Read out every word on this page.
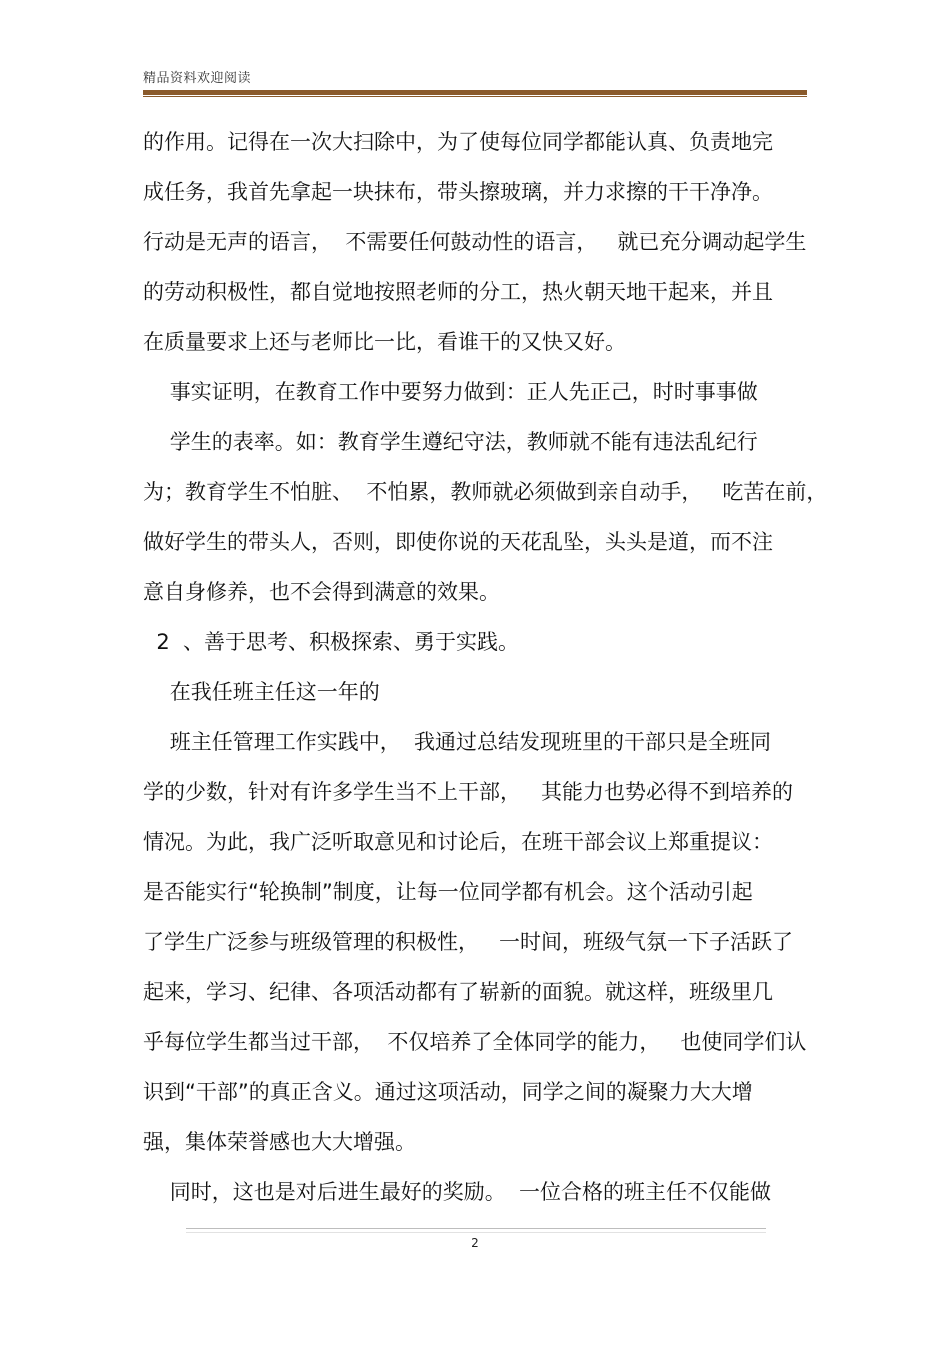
精品资料欢迎阅读
的作用。记得在一次大扫除中，为了使每位同学都能认真、负责地完
成任务，我首先拿起一块抹布，带头擦玻璃，并力求擦的干干净净。
行动是无声的语言，  不需要任何鼓动性的语言，   就已充分调动起学生
的劳动积极性，都自觉地按照老师的分工，热火朝天地干起来，并且
在质量要求上还与老师比一比，看谁干的又快又好。
事实证明，在教育工作中要努力做到：正人先正己，时时事事做
学生的表率。如：教育学生遵纪守法，教师就不能有违法乱纪行
为；教育学生不怕脏、  不怕累，教师就必须做到亲自动手，   吃苦在前，
做好学生的带头人，否则，即使你说的天花乱坠，头头是道，而不注
意自身修养，也不会得到满意的效果。
2  、善于思考、积极探索、勇于实践。
在我任班主任这一年的
班主任管理工作实践中，  我通过总结发现班里的干部只是全班同
学的少数，针对有许多学生当不上干部，   其能力也势必得不到培养的
情况。为此，我广泛听取意见和讨论后，在班干部会议上郑重提议：
是否能实行“轮换制”制度，让每一位同学都有机会。这个活动引起
了学生广泛参与班级管理的积极性，   一时间，班级气氛一下子活跃了
起来，学习、纪律、各项活动都有了崭新的面貌。就这样，班级里几
乎每位学生都当过干部，  不仅培养了全体同学的能力，   也使同学们认
识到“干部”的真正含义。通过这项活动，同学之间的凝聚力大大增
强，集体荣誉感也大大增强。
同时，这也是对后进生最好的奖励。  一位合格的班主任不仅能做
2
